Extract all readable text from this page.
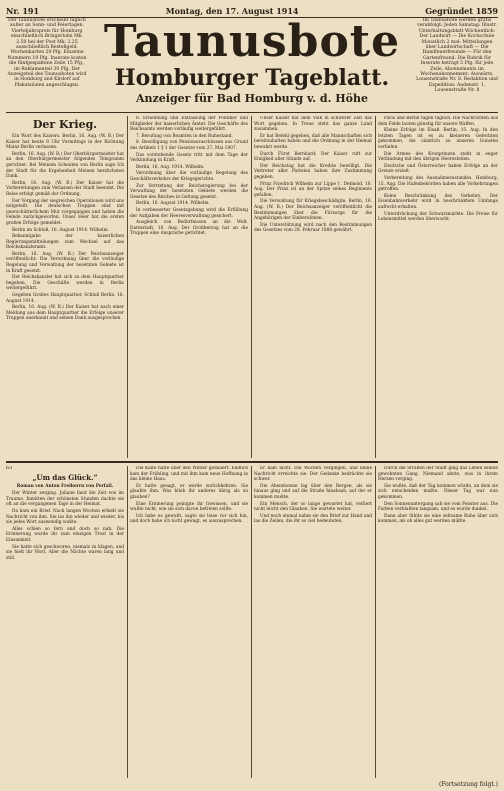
Nr. 191	Montag, den 17. August 1914	Gegründet 1859
Der Taunusbote erscheint täglich außer an Sonn- und Feiertagen. Vierteljahrspreis für Homburg einschließlich Bringerlohn Mk. 2.50 bei der Post Mk. 2.25 ausschließlich Bestellgeld. Wochenkarten 20 Pfg. Einzelne Nummern 10 Pfg. Inserate kosten die fünfgespaltene Zeile 15 Pfg., im Reklamenteil 30 Pfg. Der Anzeigeteil des Taunusboten wird in Homburg und Kirdorf auf Plakatsäulen angeschlagen.
Taunusbote
Homburger Tageblatt.
Anzeiger für Bad Homburg v. d. Höhe
Im Taunusbote werden gratis verabfolgt: Jeden Samstag: Illustr. Unterhaltungsblatt Wöchentlich: Der Landwirt — Die Kochschule Monatlich 2 mal: Mitteilungen über Landwirtschaft — Die Handfeuerfreunde — Für den Gartenfreund. Die Rubrik für Inserate beträgt 5 Pfg. für jede Zeile. Abonnements im Wochenabonnement: Auswärts, Lousenstraße Nr. 8. Redaktion und Expedition: Audenstr. 1, Lousenstraße Nr. 8
Der Krieg.

Ein Wort des Kaisers. Berlin, 16. Aug. (W. B.) Der Kaiser hat heute 8 Uhr Vormittags in der Richtung Mainz Berlin verlassen.

Berlin, 16. Aug. (W. B.) Der Oberbürgermeister hat an den Oberbürgermeister folgendes Telegramm gerichtet: Bei Meinem Scheiden von Berlin sage Ich der Stadt für die Ergebenheit Meinen herzlichsten Dank.

Berlin, 16. Aug. (W. B.) Der Kaiser hat die Vorbereitungen zum Verlassen der Stadt beendet. Die Reise erfolgt gemäß der Ordnung.

Der Vorgang der siegreichen Operationen wird uns mitgeteilt. Die deutschen Truppen sind mit unerschütterlichem Mut vorgegangen und haben die Feinde zurückgeworfen. Unser Heer hat die ersten großen Erfolge gemeldet.

Berlin im Schloß, 16. August 1914. Wilhelm.

Bekanntgabe der kaiserlichen Regierungsmitteilungen zum Wechsel auf das Reichskanzleramt.

Berlin, 16. Aug. (W. B.) Der Reichsanzeiger veröffentlicht: Die Verordnung über die vorläufige Regelung und Verwaltung der besetzten Gebiete ist in Kraft gesetzt.

Der Reichskanzler hat sich zu dem Hauptquartier begeben. Die Geschäfte werden in Berlin weitergeführt.

Gegeben Großes Hauptquartier, Schloß Berlin, 16. August 1914.

Berlin, 16. Aug. (W. B.) Der Kaiser hat nach einer Meldung aus dem Hauptquartier die Erfolge unserer Truppen anerkannt und seinen Dank ausgesprochen.

6. Ernennung und Entlassung der Politiker und Mitglieder der kaiserlichen Ämter. Die Geschäfte des Reichsamts werden vorläufig weitergeführt.

7. Berufung von Beamten in den Ruhestand.

8. Bewilligung von Pensionszuschüssen aus Grund des Artikels 1 § 1 der Gesetze vom 27. Mai 1907.

Das vorstehende Gesetz tritt mit dem Tage der Verkündung in Kraft.

Berlin, 16. Aug. 1914. Wilhelm.

Verordnung über die vorläufige Regelung des Geschäftsverkehrs der Kriegsgerichte.

Zur Vertretung der Reichsregierung bei der Verwaltung der besetzten Gebiete werden die Gesetze des Reiches in Geltung gesetzt.

Berlin, 16. August 1914. Wilhelm.

In verbesserter Gesetzgebung wird die Erfüllung der Aufgaben der Heeresverwaltung gesichert.

Ausgleich von Bedürfnissen an die Welt. Darmstadt, 16. Aug. Der Großherzog hat an die Truppen eine Ansprache gerichtet.

Unser Kaiser hat dem Volk in schwerer Zeit das Wort gegeben. In Treue steht das ganze Land zusammen.

Er hat Befehl gegeben, daß alle Mannschaften sich bereitzuhalten haben und die Ordnung in der Heimat bewahrt werde.

Durch Fürst Bernhard: Der Kaiser ruft zur Einigkeit aller Stände auf.

Der Reichstag hat die Kredite bewilligt. Die Vertreter aller Parteien haben ihre Zustimmung gegeben.

Prinz Friedrich Wilhelm zur Lippe †. Detmold, 16. Aug. Der Prinz ist an der Spitze seines Regiments gefallen.

Die Verwaltung für Kriegsbeschädigte. Berlin, 16. Aug. (W. B.) Der Reichsanzeiger veröffentlicht die Bestimmungen über die Fürsorge für die Angehörigen der Einberufenen.

Die Unterstützung wird nach den Bestimmungen des Gesetzes vom 28. Februar 1888 gewährt.

Paris und Berlin tagen täglich. Die Nachrichten aus dem Felde lauten günstig für unsere Waffen.

Kleine Erfolge im Elsaß. Berlin, 15. Aug. In den letzten Tagen ist es zu kleineren Gefechten gekommen, die sämtlich zu unseren Gunsten verliefen.

Die Armee des Kronprinzen steht in enger Verbindung mit den übrigen Heeresteilen.

Deutsche und Österreicher haben Erfolge an der Grenze erzielt.

Vorbereitung des Ausnahmezustandes. Hamburg, 15. Aug. Die Hafenbehörden haben alle Vorkehrungen getroffen.

Keine Beschränkung des Verkehrs. Der Eisenbahnverkehr wird in beschränktem Umfange aufrecht erhalten.

Unterdrückung der Schwarzmärkte. Die Preise für Lebensmittel werden überwacht.

63
„Um das Glück.“
Roman von Anton Freiherrn von Perfall.

Der Winter zerging. Juliane fand die Zeit wie im Traume. Inmitten der schönsten Stunden dachte sie oft an die vergangenen Tage in der Heimat.

Da kam ein Brief. Nach langen Wochen erhielt sie Nachricht von ihm. Sie las ihn wieder und wieder, bis sie jedes Wort auswendig wußte.

Alles schien so fern und doch so nah. Die Erinnerung wurde ihr zum einzigen Trost in der Einsamkeit.

Sie hatte sich geschworen, niemals zu klagen, und sie hielt ihr Wort. Aber die Nächte waren lang und still.

Die Kälte hatte über den Winter gedauert. Endlich kam der Frühling, und mit ihm kam neue Hoffnung in das kleine Haus.

Er hatte gesagt, er werde zurückkehren. Sie glaubte ihm. Was blieb ihr anderes übrig als zu glauben?

Eine Erinnerung peinigte ihr Gewissen, und sie wußte nicht, wie sie sich davon befreien sollte.

Ich habe es gewußt, sagte sie leise vor sich hin, und doch habe ich nicht gewagt, es auszusprechen.

Er kam nicht. Die Wochen vergingen, und keine Nachricht erreichte sie. Der Gedanke bedrückte sie schwer.

Die Abendsonne lag über den Bergen, als sie hinaus ging und auf die Straße hinabsah, auf der er kommen mußte.

Ein Mensch, der so lange gewartet hat, verliert nicht leicht den Glauben. Sie wartete weiter.

Und noch einmal nahm sie den Brief zur Hand und las die Zeilen, die ihr so viel bedeuteten.

Durch die Straßen der Stadt ging das Leben seinen gewohnten Gang. Niemand ahnte, was in ihrem Herzen vorging.

Sie wußte, daß der Tag kommen würde, an dem sie sich entscheiden mußte. Dieser Tag war nun gekommen.

Den Sonnenuntergang sah sie vom Fenster aus. Die Farben verblaßten langsam, und es wurde dunkel.

Dann aber fühlte sie eine seltsame Ruhe über sich kommen, als ob alles gut werden müßte.

(Fortsetzung folgt.)
